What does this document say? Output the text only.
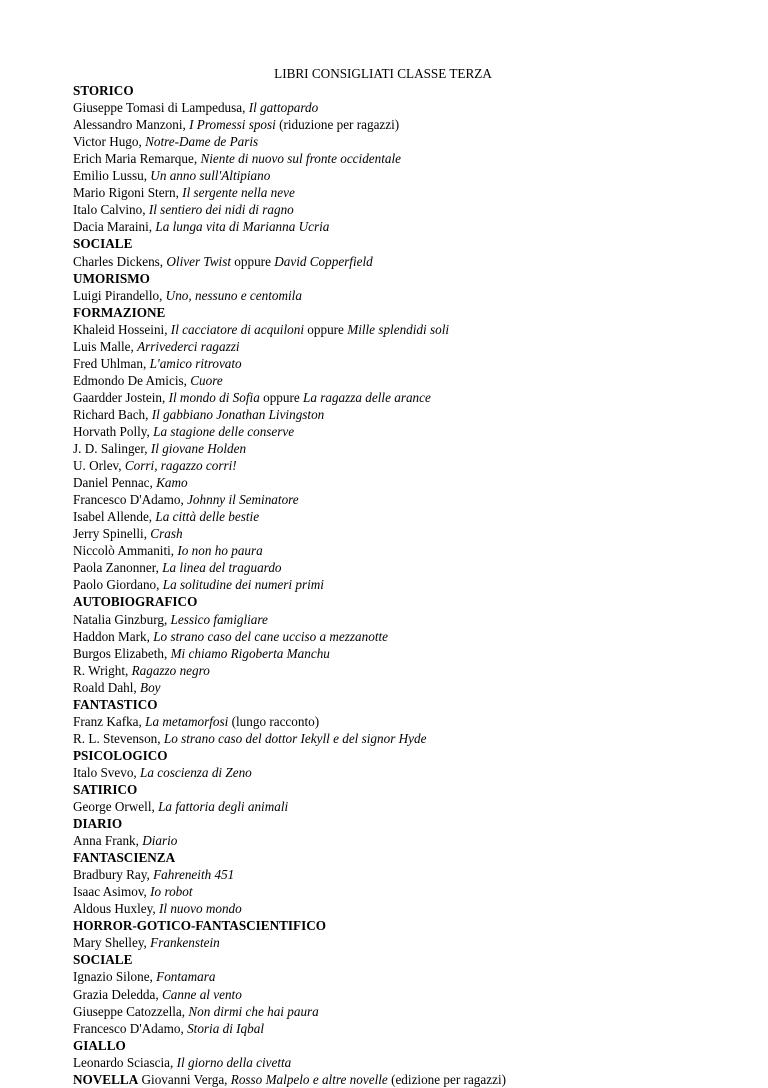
LIBRI CONSIGLIATI CLASSE TERZA
STORICO
Giuseppe Tomasi di Lampedusa, Il gattopardo
Alessandro Manzoni, I Promessi sposi (riduzione per ragazzi)
Victor Hugo, Notre-Dame de Paris
Erich Maria Remarque, Niente di nuovo sul fronte occidentale
Emilio Lussu, Un anno sull'Altipiano
Mario Rigoni Stern, Il sergente nella neve
Italo Calvino, Il sentiero dei nidi di ragno
Dacia Maraini, La lunga vita di Marianna Ucria
SOCIALE
Charles Dickens, Oliver Twist oppure David Copperfield
UMORISMO
Luigi Pirandello, Uno, nessuno e centomila
FORMAZIONE
Khaleid Hosseini, Il cacciatore di acquiloni oppure Mille splendidi soli
Luis Malle, Arrivederci ragazzi
Fred Uhlman, L'amico ritrovato
Edmondo De Amicis, Cuore
Gaardder Jostein, Il mondo di Sofia oppure La ragazza delle arance
Richard Bach, Il gabbiano Jonathan Livingston
Horvath Polly, La stagione delle conserve
J. D. Salinger, Il giovane Holden
U. Orlev, Corri, ragazzo corri!
Daniel Pennac, Kamo
Francesco D'Adamo, Johnny il Seminatore
Isabel Allende, La città delle bestie
Jerry Spinelli, Crash
Niccolò Ammaniti, Io non ho paura
Paola Zanonner, La linea del traguardo
Paolo Giordano, La solitudine dei numeri primi
AUTOBIOGRAFICO
Natalia Ginzburg, Lessico famigliare
Haddon Mark, Lo strano caso del cane ucciso a mezzanotte
Burgos Elizabeth, Mi chiamo Rigoberta Manchu
R. Wright, Ragazzo negro
Roald Dahl, Boy
FANTASTICO
Franz Kafka, La metamorfosi (lungo racconto)
R. L. Stevenson, Lo strano caso del dottor Iekyll e del signor Hyde
PSICOLOGICO
Italo Svevo, La coscienza di Zeno
SATIRICO
George Orwell, La fattoria degli animali
DIARIO
Anna Frank, Diario
FANTASCIENZA
Bradbury Ray, Fahreneith 451
Isaac Asimov, Io robot
Aldous Huxley, Il nuovo mondo
HORROR-GOTICO-FANTASCIENTIFICO
Mary Shelley, Frankenstein
SOCIALE
Ignazio Silone, Fontamara
Grazia Deledda, Canne al vento
Giuseppe Catozzella, Non dirmi che hai paura
Francesco D'Adamo, Storia di Iqbal
GIALLO
Leonardo Sciascia, Il giorno della civetta
NOVELLA Giovanni Verga, Rosso Malpelo e altre novelle (edizione per ragazzi)
